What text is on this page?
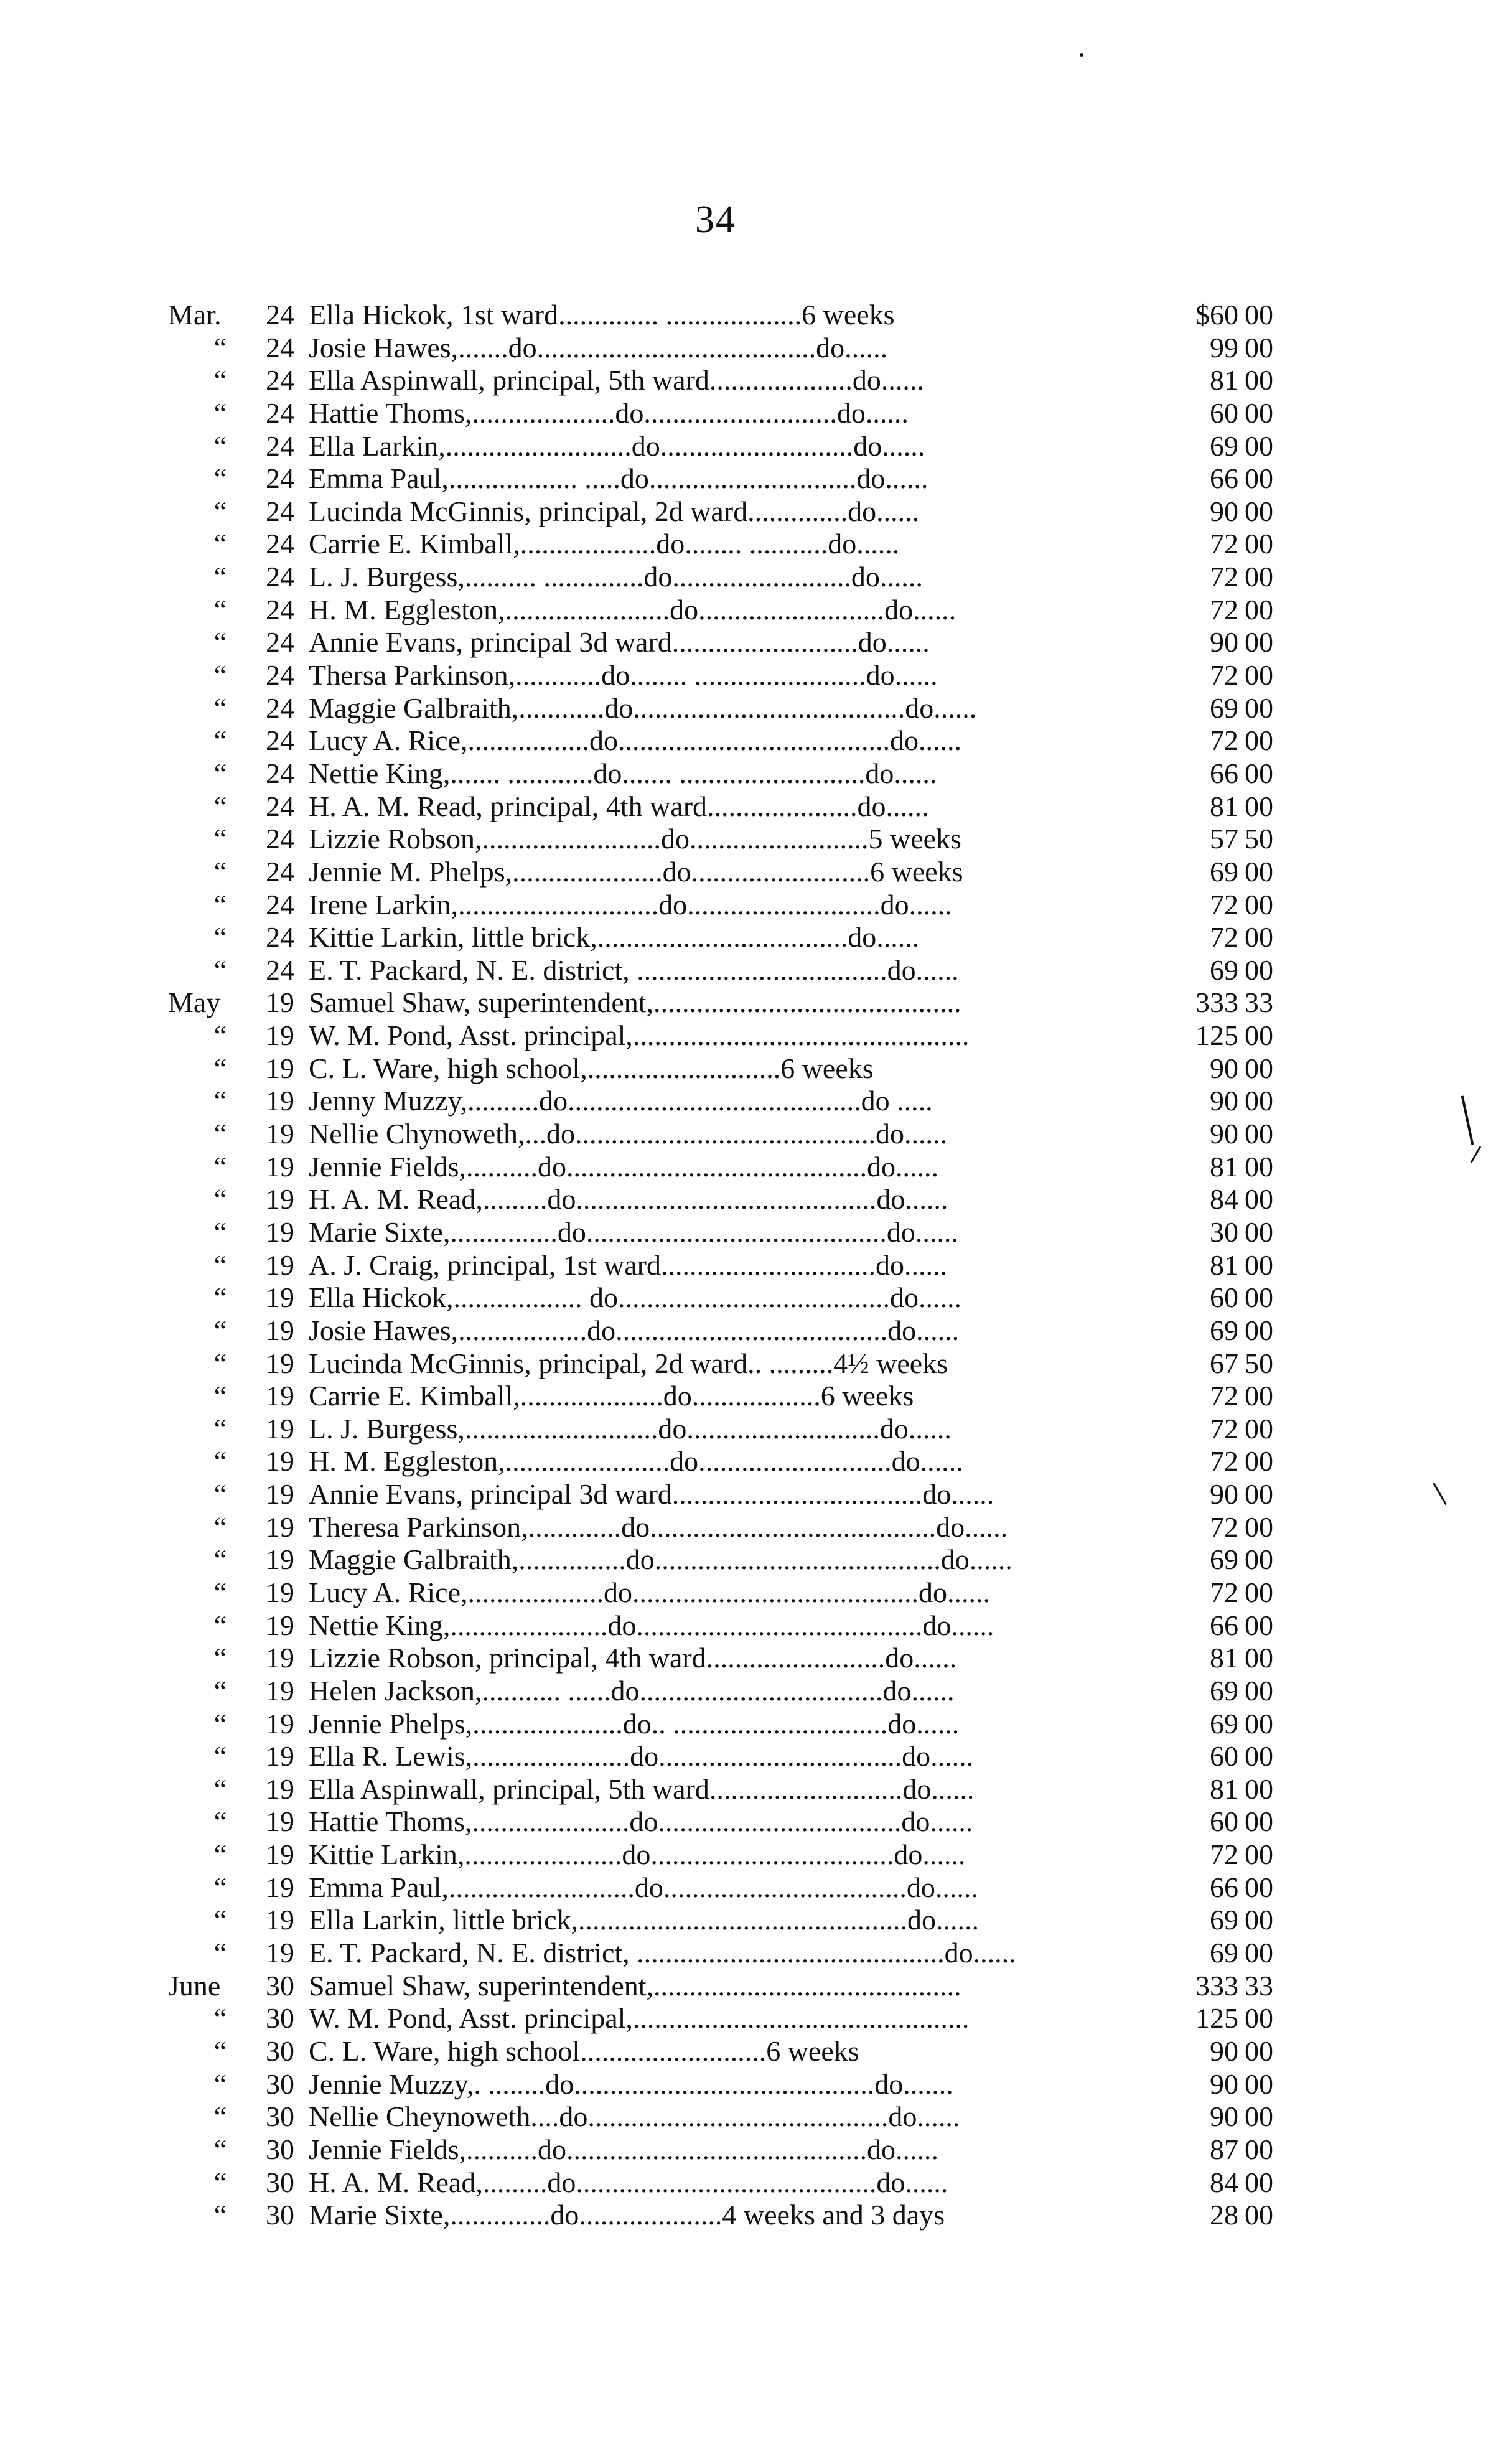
34
Mar.	24 Ella Hickok, 1st ward.............. ...................6 weeks	$60 00
“	24 Josie Hawes,.......do.......................................do......	99 00
“	24 Ella Aspinwall, principal, 5th ward....................do......	81 00
“	24 Hattie Thoms,....................do...........................do......	60 00
“	24 Ella Larkin,..........................do...........................do......	69 00
“	24 Emma Paul,.................. .....do.............................do......	66 00
“	24 Lucinda McGinnis, principal, 2d ward..............do......	90 00
“	24 Carrie E. Kimball,...................do........ ...........do......	72 00
“	24 L. J. Burgess,.......... ..............do.........................do......	72 00
“	24 H. M. Eggleston,.......................do..........................do......	72 00
“	24 Annie Evans, principal 3d ward..........................do......	90 00
“	24 Thersa Parkinson,............do........ ........................do......	72 00
“	24 Maggie Galbraith,............do......................................do......	69 00
“	24 Lucy A. Rice,.................do......................................do......	72 00
“	24 Nettie King,....... ............do....... ..........................do......	66 00
“	24 H. A. M. Read, principal, 4th ward.....................do......	81 00
“	24 Lizzie Robson,.........................do.........................5 weeks	57 50
“	24 Jennie M. Phelps,.....................do.........................6 weeks	69 00
“	24 Irene Larkin,............................do...........................do......	72 00
“	24 Kittie Larkin, little brick,...................................do......	72 00
“	24 E. T. Packard, N. E. district, ...................................do......	69 00
May	19 Samuel Shaw, superintendent,...........................................	333 33
“	19 W. M. Pond, Asst. principal,...............................................	125 00
“	19 C. L. Ware, high school,...........................6 weeks	90 00
“	19 Jenny Muzzy,..........do.........................................do .....	90 00
“	19 Nellie Chynoweth,...do..........................................do......	90 00
“	19 Jennie Fields,..........do..........................................do......	81 00
“	19 H. A. M. Read,.........do..........................................do......	84 00
“	19 Marie Sixte,...............do..........................................do......	30 00
“	19 A. J. Craig, principal, 1st ward..............................do......	81 00
“	19 Ella Hickok,.................. do......................................do......	60 00
“	19 Josie Hawes,..................do......................................do......	69 00
“	19 Lucinda McGinnis, principal, 2d ward.. .........4½ weeks	67 50
“	19 Carrie E. Kimball,....................do..................6 weeks	72 00
“	19 L. J. Burgess,...........................do...........................do......	72 00
“	19 H. M. Eggleston,.......................do...........................do......	72 00
“	19 Annie Evans, principal 3d ward...................................do......	90 00
“	19 Theresa Parkinson,.............do........................................do......	72 00
“	19 Maggie Galbraith,...............do........................................do......	69 00
“	19 Lucy A. Rice,...................do........................................do......	72 00
“	19 Nettie King,......................do........................................do......	66 00
“	19 Lizzie Robson, principal, 4th ward.........................do......	81 00
“	19 Helen Jackson,........... ......do..................................do......	69 00
“	19 Jennie Phelps,.....................do.. ..............................do......	69 00
“	19 Ella R. Lewis,......................do..................................do......	60 00
“	19 Ella Aspinwall, principal, 5th ward...........................do......	81 00
“	19 Hattie Thoms,......................do..................................do......	60 00
“	19 Kittie Larkin,......................do..................................do......	72 00
“	19 Emma Paul,..........................do..................................do......	66 00
“	19 Ella Larkin, little brick,..............................................do......	69 00
“	19 E. T. Packard, N. E. district, ...........................................do......	69 00
June	30 Samuel Shaw, superintendent,...........................................	333 33
“	30 W. M. Pond, Asst. principal,...............................................	125 00
“	30 C. L. Ware, high school..........................6 weeks	90 00
“	30 Jennie Muzzy,. ........do..........................................do.......	90 00
“	30 Nellie Cheynoweth....do..........................................do......	90 00
“	30 Jennie Fields,..........do..........................................do......	87 00
“	30 H. A. M. Read,.........do..........................................do......	84 00
“	30 Marie Sixte,..............do....................4 weeks and 3 days	28 00
